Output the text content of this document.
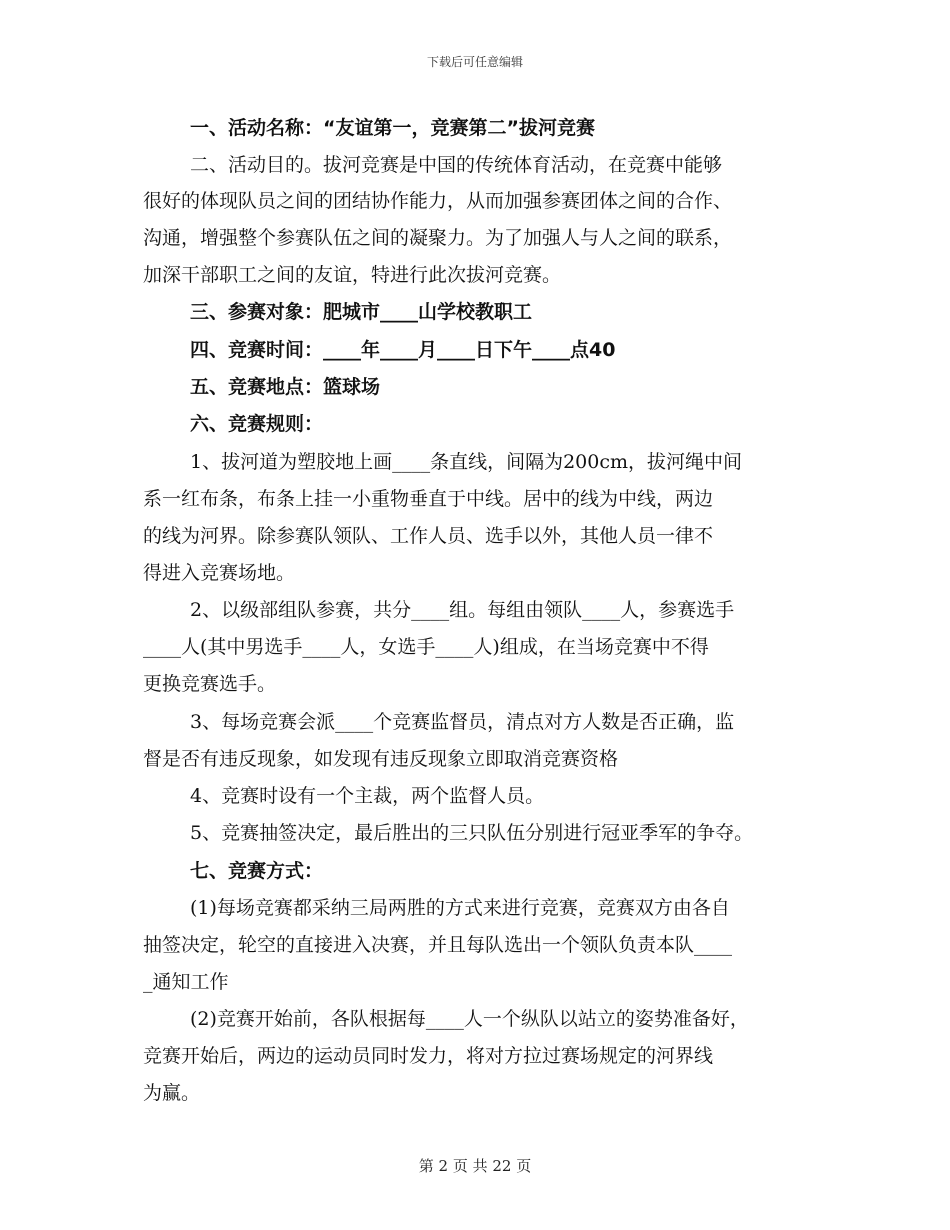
下载后可任意编辑
一、活动名称：“友谊第一，竞赛第二”拔河竞赛
二、活动目的。拔河竞赛是中国的传统体育活动，在竞赛中能够
很好的体现队员之间的团结协作能力，从而加强参赛团体之间的合作、
沟通，增强整个参赛队伍之间的凝聚力。为了加强人与人之间的联系，
加深干部职工之间的友谊，特进行此次拔河竞赛。
三、参赛对象：肥城市____山学校教职工
四、竞赛时间：____年____月____日下午____点40
五、竞赛地点：篮球场
六、竞赛规则：
1、拔河道为塑胶地上画____条直线，间隔为200cm，拔河绳中间
系一红布条，布条上挂一小重物垂直于中线。居中的线为中线，两边
的线为河界。除参赛队领队、工作人员、选手以外，其他人员一律不
得进入竞赛场地。
2、以级部组队参赛，共分____组。每组由领队____人，参赛选手
____人(其中男选手____人，女选手____人)组成，在当场竞赛中不得
更换竞赛选手。
3、每场竞赛会派____个竞赛监督员，清点对方人数是否正确，监
督是否有违反现象，如发现有违反现象立即取消竞赛资格
4、竞赛时设有一个主裁，两个监督人员。
5、竞赛抽签决定，最后胜出的三只队伍分别进行冠亚季军的争夺。
七、竞赛方式：
(1)每场竞赛都采纳三局两胜的方式来进行竞赛，竞赛双方由各自
抽签决定，轮空的直接进入决赛，并且每队选出一个领队负责本队____
_通知工作
(2)竞赛开始前，各队根据每____人一个纵队以站立的姿势准备好，
竞赛开始后，两边的运动员同时发力，将对方拉过赛场规定的河界线
为赢。
第 2 页 共 22 页
